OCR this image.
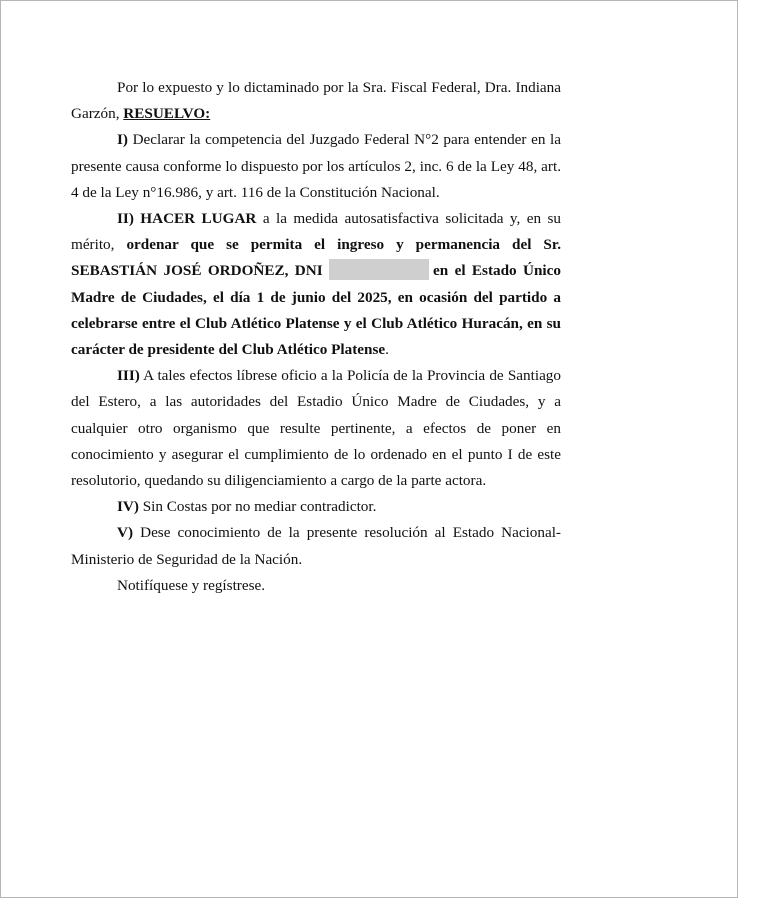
Por lo expuesto y lo dictaminado por la Sra. Fiscal Federal, Dra. Indiana Garzón, RESUELVO:

I) Declarar la competencia del Juzgado Federal N°2 para entender en la presente causa conforme lo dispuesto por los artículos 2, inc. 6 de la Ley 48, art. 4 de la Ley n°16.986, y art. 116 de la Constitución Nacional.

II) HACER LUGAR a la medida autosatisfactiva solicitada y, en su mérito, ordenar que se permita el ingreso y permanencia del Sr. SEBASTIÁN JOSÉ ORDOÑEZ, DNI	en el Estado Único Madre de Ciudades, el día 1 de junio del 2025, en ocasión del partido a celebrarse entre el Club Atlético Platense y el Club Atlético Huracán, en su carácter de presidente del Club Atlético Platense.

III) A tales efectos líbrese oficio a la Policía de la Provincia de Santiago del Estero, a las autoridades del Estadio Único Madre de Ciudades, y a cualquier otro organismo que resulte pertinente, a efectos de poner en conocimiento y asegurar el cumplimiento de lo ordenado en el punto I de este resolutorio, quedando su diligenciamiento a cargo de la parte actora.

IV) Sin Costas por no mediar contradictor.

V) Dese conocimiento de la presente resolución al Estado Nacional-Ministerio de Seguridad de la Nación.

Notifíquese y regístrese.
